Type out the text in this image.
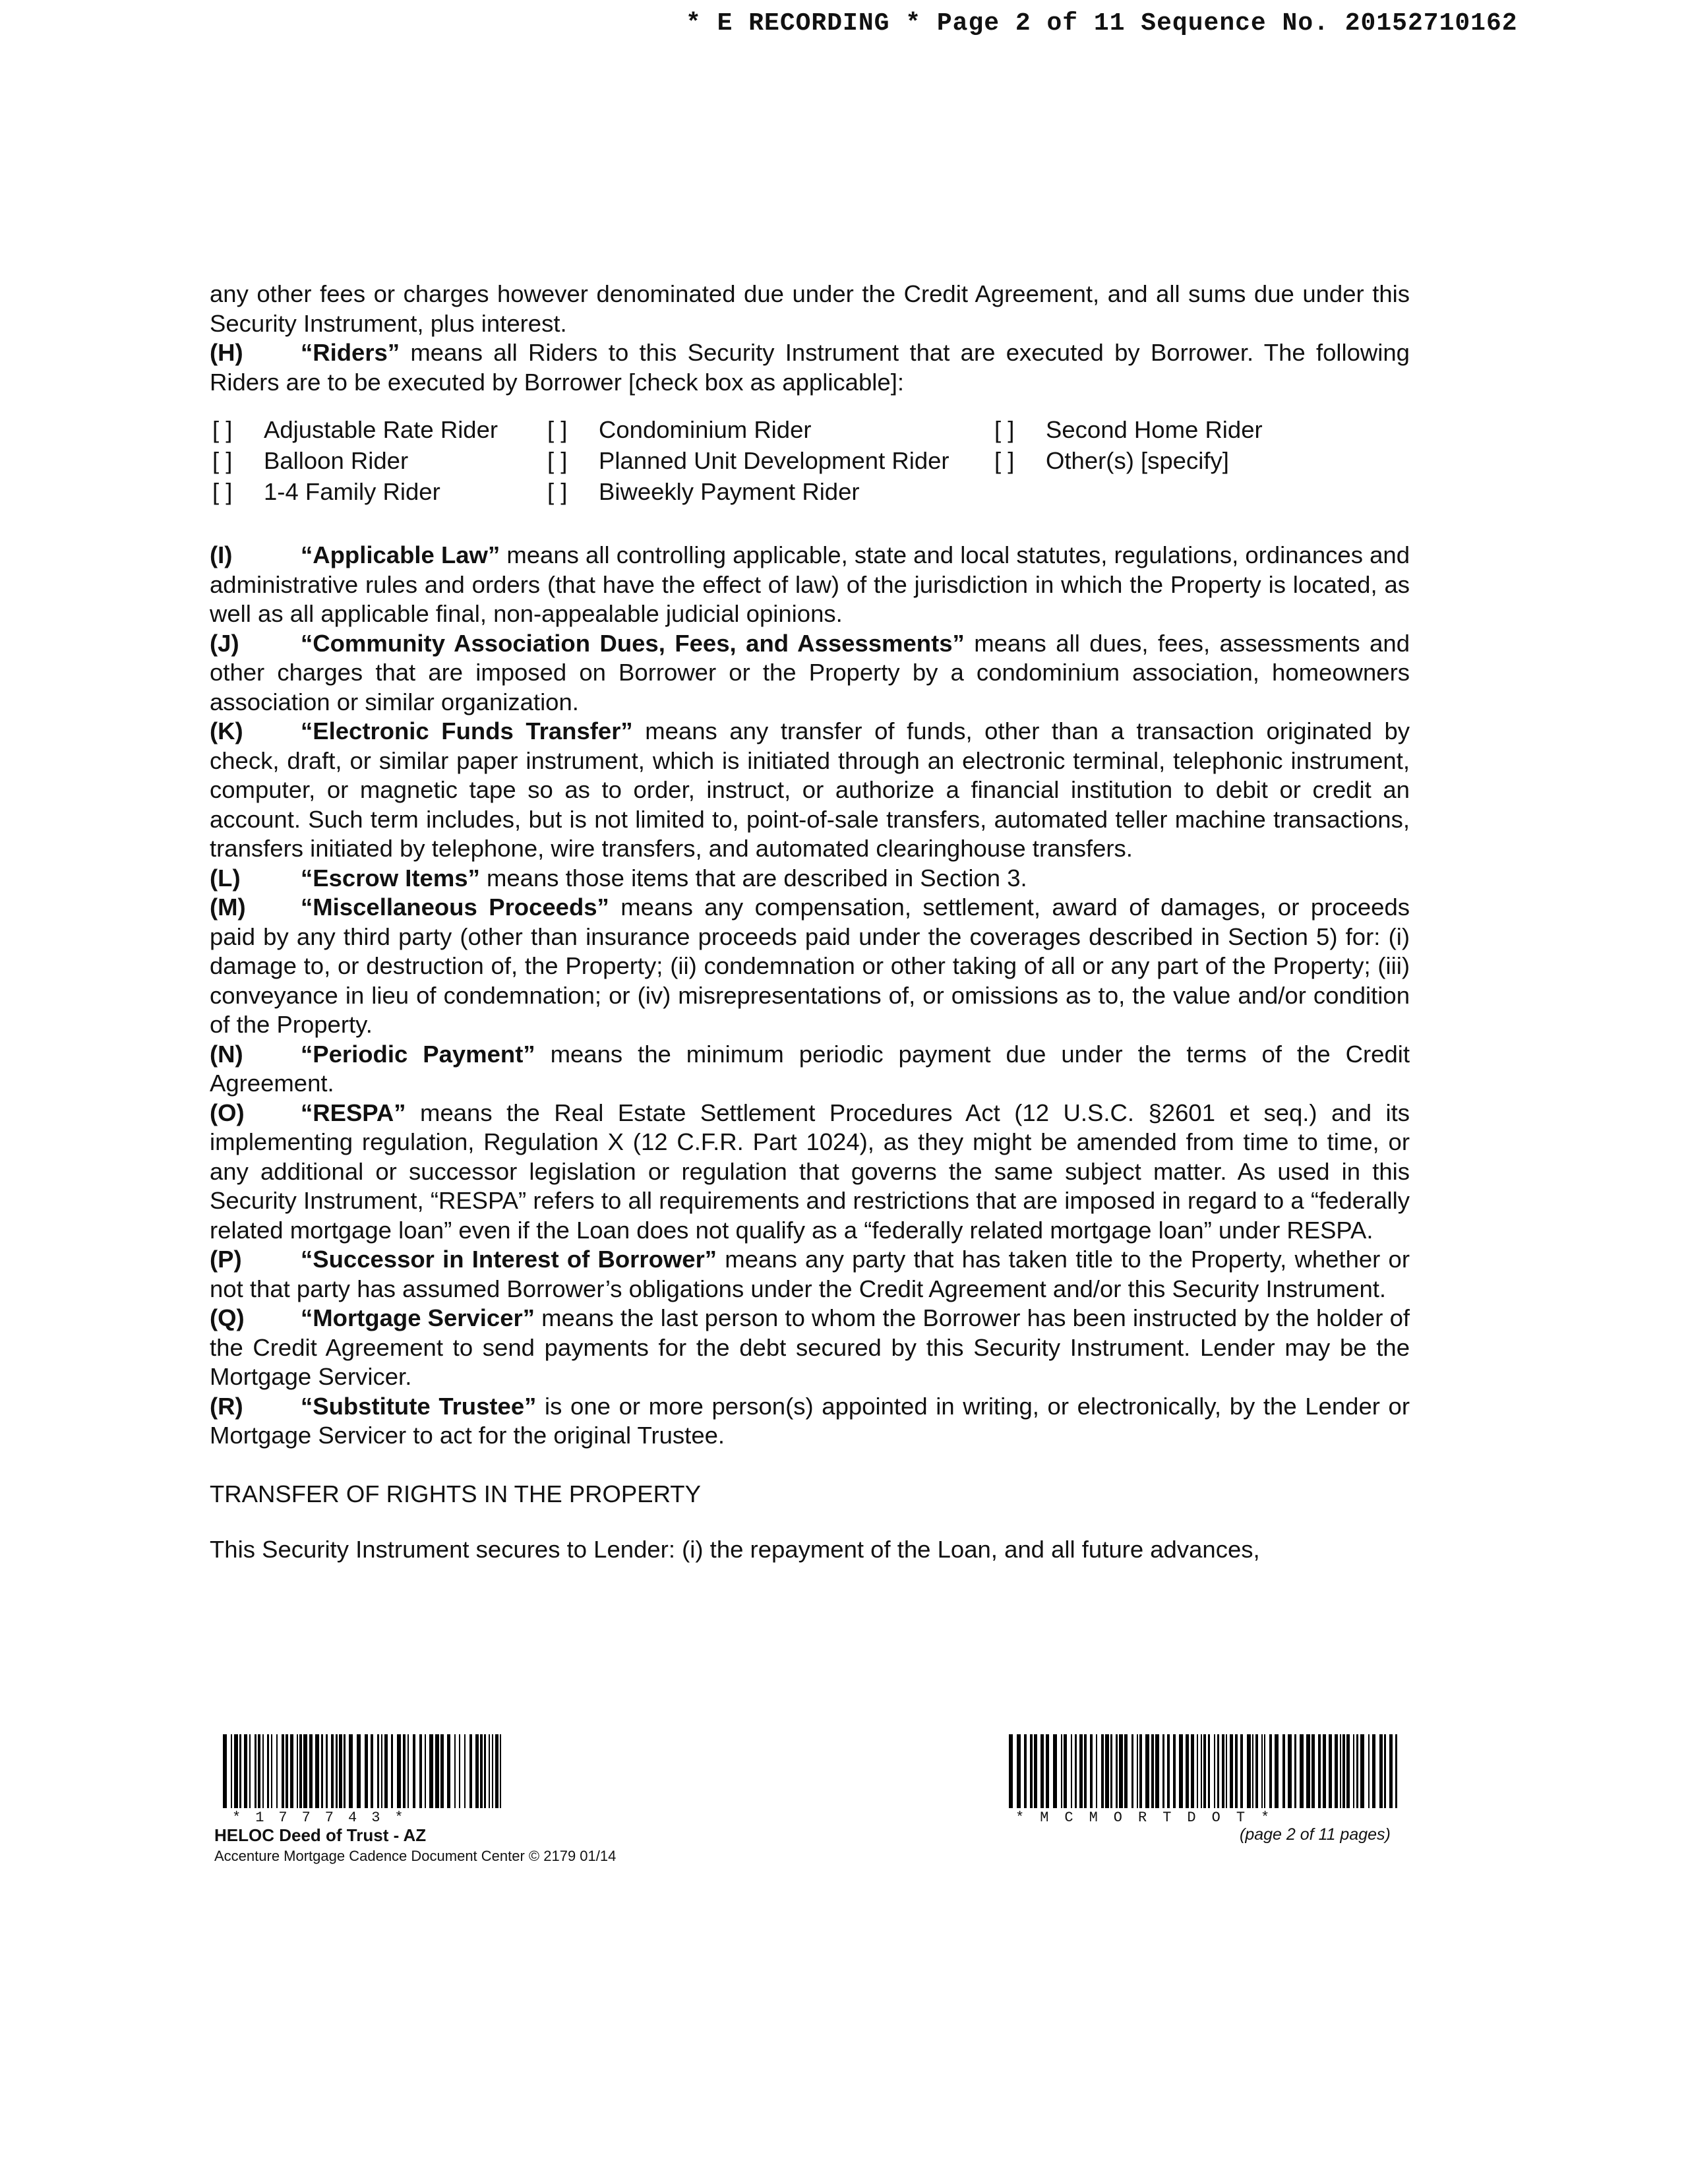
* E RECORDING * Page 2 of 11 Sequence No. 20152710162

any other fees or charges however denominated due under the Credit Agreement, and all sums due under this Security Instrument, plus interest.

(H) “Riders” means all Riders to this Security Instrument that are executed by Borrower. The following Riders are to be executed by Borrower [check box as applicable]:

[ ] Adjustable Rate Rider [ ] Condominium Rider	[ ] Second Home Rider
[ ] Balloon Rider	[ ] Planned Unit Development Rider [ ] Other(s) [specify]
[ ] 1-4 Family Rider	[ ] Biweekly Payment Rider

(I)	“Applicable Law” means all controlling applicable, state and local statutes, regulations, ordinances and administrative rules and orders (that have the effect of law) of the jurisdiction in which the Property is located, as well as all applicable final, non-appealable judicial opinions.

(J)	“Community Association Dues, Fees, and Assessments” means all dues, fees, assessments and other charges that are imposed on Borrower or the Property by a condominium association, homeowners association or similar organization.

(K) “Electronic Funds Transfer” means any transfer of funds, other than a transaction originated by check, draft, or similar paper instrument, which is initiated through an electronic terminal, telephonic instrument, computer, or magnetic tape so as to order, instruct, or authorize a financial institution to debit or credit an account. Such term includes, but is not limited to, point-of-sale transfers, automated teller machine transactions, transfers initiated by telephone, wire transfers, and automated clearinghouse transfers.

(L)	“Escrow Items” means those items that are described in Section 3.

(M) “Miscellaneous Proceeds” means any compensation, settlement, award of damages, or proceeds paid by any third party (other than insurance proceeds paid under the coverages described in Section 5) for: (i) damage to, or destruction of, the Property; (ii) condemnation or other taking of all or any part of the Property; (iii) conveyance in lieu of condemnation; or (iv) misrepresentations of, or omissions as to, the value and/or condition of the Property.

(N) “Periodic Payment” means the minimum periodic payment due under the terms of the Credit Agreement.

(O) “RESPA” means the Real Estate Settlement Procedures Act (12 U.S.C. §2601 et seq.) and its implementing regulation, Regulation X (12 C.F.R. Part 1024), as they might be amended from time to time, or any additional or successor legislation or regulation that governs the same subject matter. As used in this Security Instrument, “RESPA” refers to all requirements and restrictions that are imposed in regard to a “federally related mortgage loan” even if the Loan does not qualify as a “federally related mortgage loan” under RESPA.

(P) “Successor in Interest of Borrower” means any party that has taken title to the Property, whether or not that party has assumed Borrower’s obligations under the Credit Agreement and/or this Security Instrument.

(Q) “Mortgage Servicer” means the last person to whom the Borrower has been instructed by the holder of the Credit Agreement to send payments for the debt secured by this Security Instrument. Lender may be the Mortgage Servicer.

(R) “Substitute Trustee” is one or more person(s) appointed in writing, or electronically, by the Lender or Mortgage Servicer to act for the original Trustee.

TRANSFER OF RIGHTS IN THE PROPERTY

This Security Instrument secures to Lender: (i) the repayment of the Loan, and all future advances,

*177743*	*MCMORTDOT*
HELOC Deed of Trust - AZ
Accenture Mortgage Cadence Document Center © 2179 01/14
(page 2 of 11 pages)
